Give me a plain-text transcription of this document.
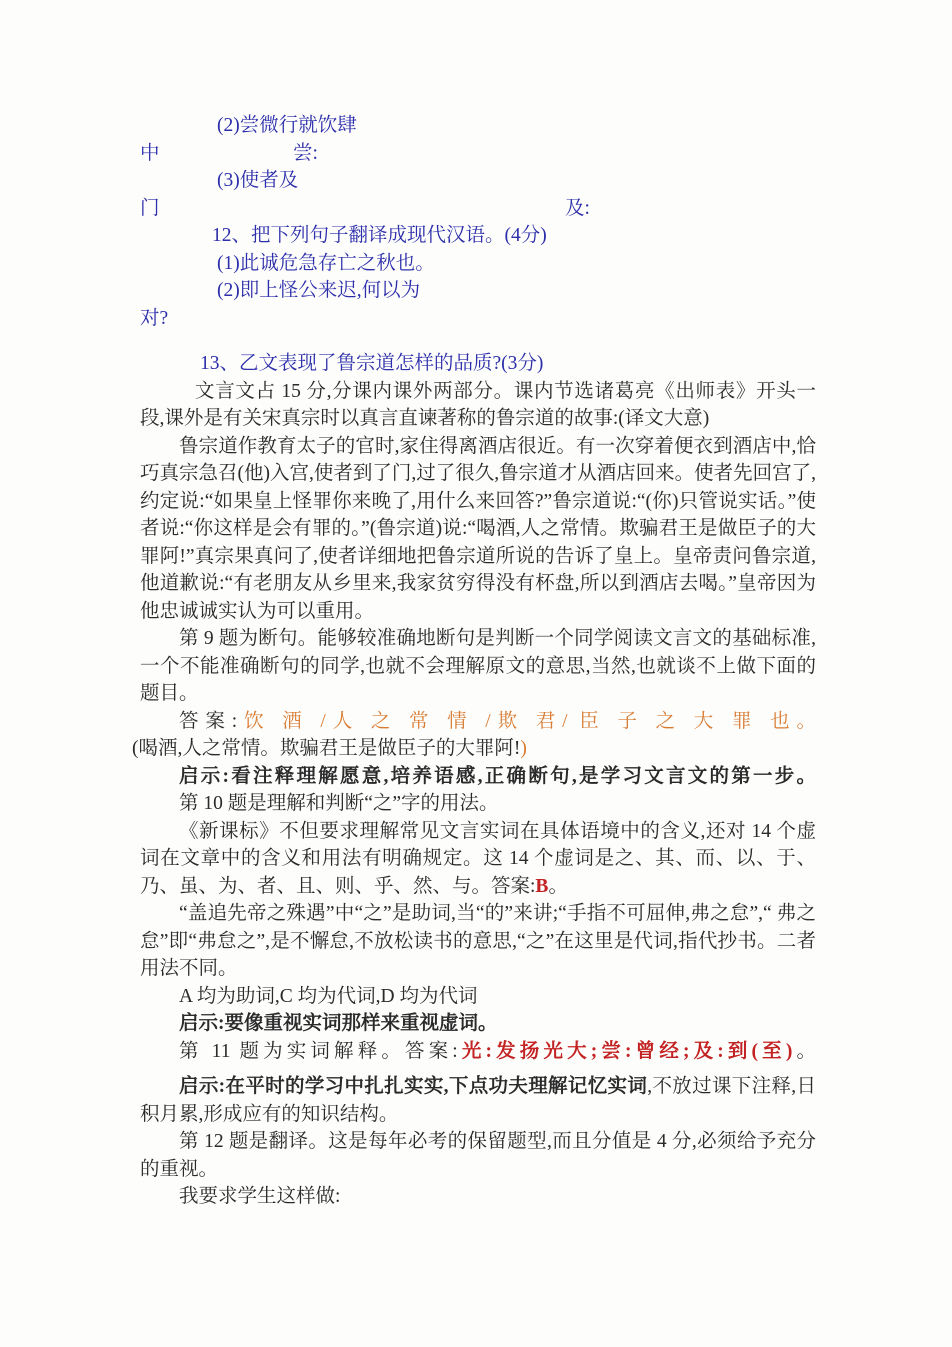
(2)尝微行就饮肆
中	尝:
(3)使者及
门	及:
12、把下列句子翻译成现代汉语。(4分)
(1)此诚危急存亡之秋也。
(2)即上怪公来迟,何以为
对?
13、乙文表现了鲁宗道怎样的品质?(3分)

文言文占 15 分,分课内课外两部分。课内节选诸葛亮《出师表》开头一段,课外是有关宋真宗时以真言直谏著称的鲁宗道的故事:(译文大意)

鲁宗道作教育太子的官时,家住得离酒店很近。有一次穿着便衣到酒店中,恰巧真宗急召(他)入宫,使者到了门,过了很久,鲁宗道才从酒店回来。使者先回宫了,约定说:“如果皇上怪罪你来晚了,用什么来回答?”鲁宗道说:“(你)只管说实话。”使者说:“你这样是会有罪的。”(鲁宗道)说:“喝酒,人之常情。欺骗君王是做臣子的大罪阿!”真宗果真问了,使者详细地把鲁宗道所说的告诉了皇上。皇帝责问鲁宗道,他道歉说:“有老朋友从乡里来,我家贫穷得没有杯盘,所以到酒店去喝。”皇帝因为他忠诚诚实认为可以重用。

第 9 题为断句。能够较准确地断句是判断一个同学阅读文言文的基础标准,一个不能准确断句的同学,也就不会理解原文的意思,当然,也就谈不上做下面的题目。

答案:饮 酒 /人 之 常 情 /欺 君/ 臣 子 之 大 罪 也。
(喝酒,人之常情。欺骗君王是做臣子的大罪阿!)

启示:看注释理解愿意,培养语感,正确断句,是学习文言文的第一步。

第 10 题是理解和判断“之”字的用法。

《新课标》不但要求理解常见文言实词在具体语境中的含义,还对 14 个虚词在文章中的含义和用法有明确规定。这 14 个虚词是之、其、而、以、于、乃、虽、为、者、且、则、乎、然、与。答案:B。

“盖追先帝之殊遇”中“之”是助词,当“的”来讲;“手指不可屈伸,弗之怠”,“ 弗之怠”即“弗怠之”,是不懈怠,不放松读书的意思,“之”在这里是代词,指代抄书。二者用法不同。

A 均为助词,C 均为代词,D 均为代词

启示:要像重视实词那样来重视虚词。

第 11 题为实词解释。答案:光:发扬光大;尝:曾经;及:到(至)。

启示:在平时的学习中扎扎实实,下点功夫理解记忆实词,不放过课下注释,日积月累,形成应有的知识结构。

第 12 题是翻译。这是每年必考的保留题型,而且分值是 4 分,必须给予充分的重视。

我要求学生这样做:
